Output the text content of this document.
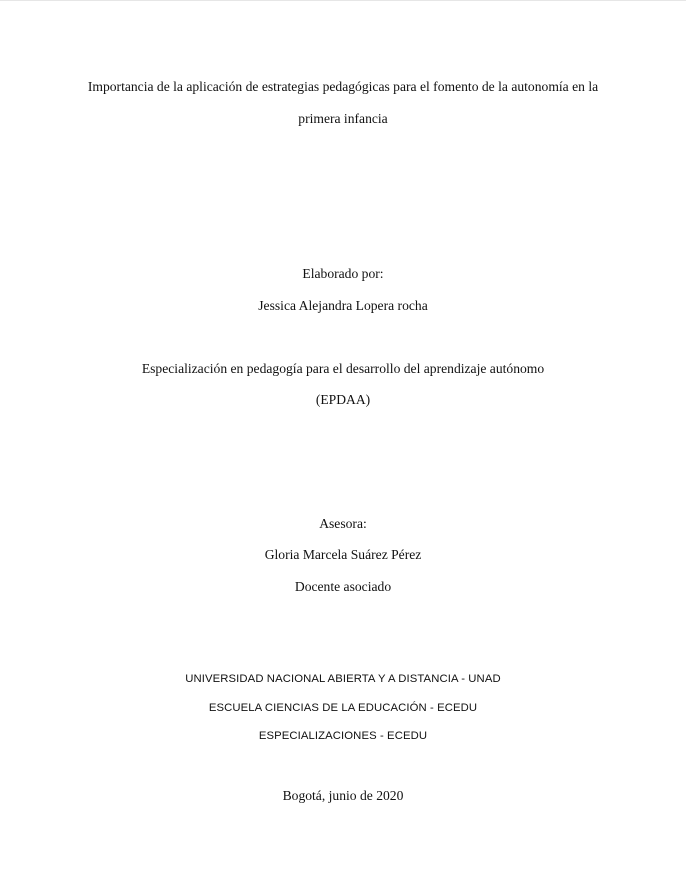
Importancia de la aplicación de estrategias pedagógicas para el fomento de la autonomía en la
primera infancia
Elaborado por:
Jessica Alejandra Lopera rocha
Especialización en pedagogía para el desarrollo del aprendizaje autónomo
(EPDAA)
Asesora:
Gloria Marcela Suárez Pérez
Docente asociado
UNIVERSIDAD NACIONAL ABIERTA Y A DISTANCIA - UNAD
ESCUELA CIENCIAS DE LA EDUCACIÓN - ECEDU
ESPECIALIZACIONES - ECEDU
Bogotá, junio de 2020
